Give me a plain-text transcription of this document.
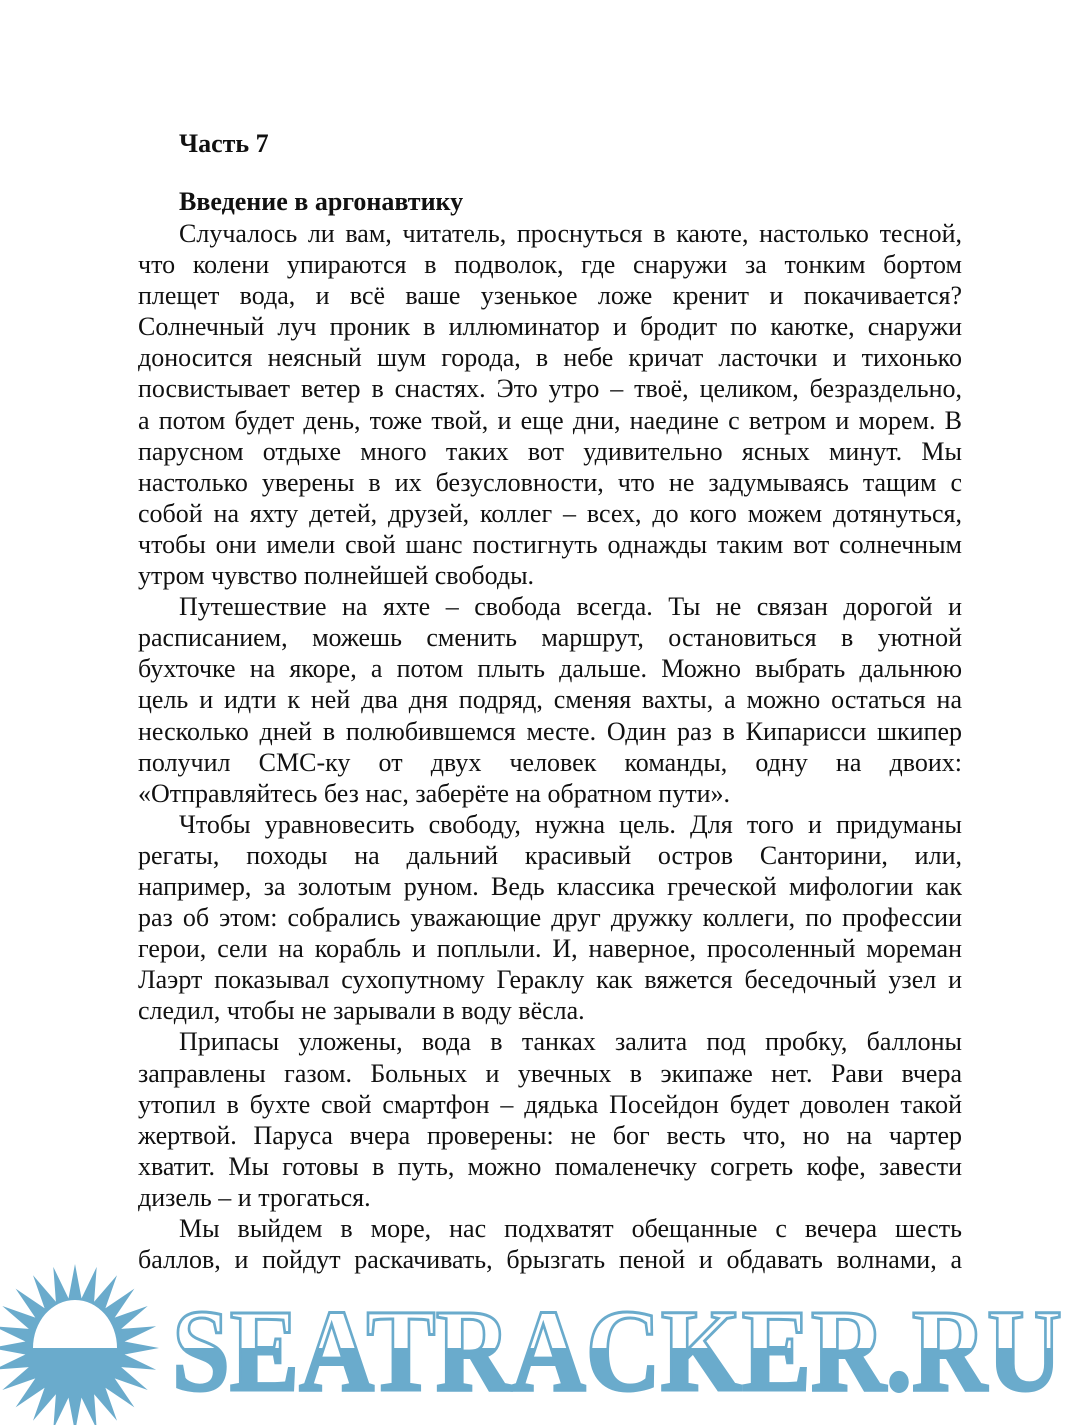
Часть 7
Введение в аргонавтику
Случалось ли вам, читатель, проснуться в каюте, настолько тесной,
что колени упираются в подволок, где снаружи за тонким бортом
плещет вода, и всё ваше узенькое ложе кренит и покачивается?
Солнечный луч проник в иллюминатор и бродит по каютке, снаружи
доносится неясный шум города, в небе кричат ласточки и тихонько
посвистывает ветер в снастях. Это утро – твоё, целиком, безраздельно,
а потом будет день, тоже твой, и еще дни, наедине с ветром и морем. В
парусном отдыхе много таких вот удивительно ясных минут. Мы
настолько уверены в их безусловности, что не задумываясь тащим с
собой на яхту детей, друзей, коллег – всех, до кого можем дотянуться,
чтобы они имели свой шанс постигнуть однажды таким вот солнечным
утром чувство полнейшей свободы.
Путешествие на яхте – свобода всегда. Ты не связан дорогой и
расписанием, можешь сменить маршрут, остановиться в уютной
бухточке на якоре, а потом плыть дальше. Можно выбрать дальнюю
цель и идти к ней два дня подряд, сменяя вахты, а можно остаться на
несколько дней в полюбившемся месте. Один раз в Кипарисси шкипер
получил СМС-ку от двух человек команды, одну на двоих:
«Отправляйтесь без нас, заберёте на обратном пути».
Чтобы уравновесить свободу, нужна цель. Для того и придуманы
регаты, походы на дальний красивый остров Санторини, или,
например, за золотым руном. Ведь классика греческой мифологии как
раз об этом: собрались уважающие друг дружку коллеги, по профессии
герои, сели на корабль и поплыли. И, наверное, просоленный мореман
Лаэрт показывал сухопутному Гераклу как вяжется беседочный узел и
следил, чтобы не зарывали в воду вёсла.
Припасы уложены, вода в танках залита под пробку, баллоны
заправлены газом. Больных и увечных в экипаже нет. Рави вчера
утопил в бухте свой смартфон – дядька Посейдон будет доволен такой
жертвой. Паруса вчера проверены: не бог весть что, но на чартер
хватит. Мы готовы в путь, можно помаленечку согреть кофе, завести
дизель – и трогаться.
Мы выйдем в море, нас подхватят обещанные с вечера шесть
баллов, и пойдут раскачивать, брызгать пеной и обдавать волнами, а
SEATRACKER.RU
